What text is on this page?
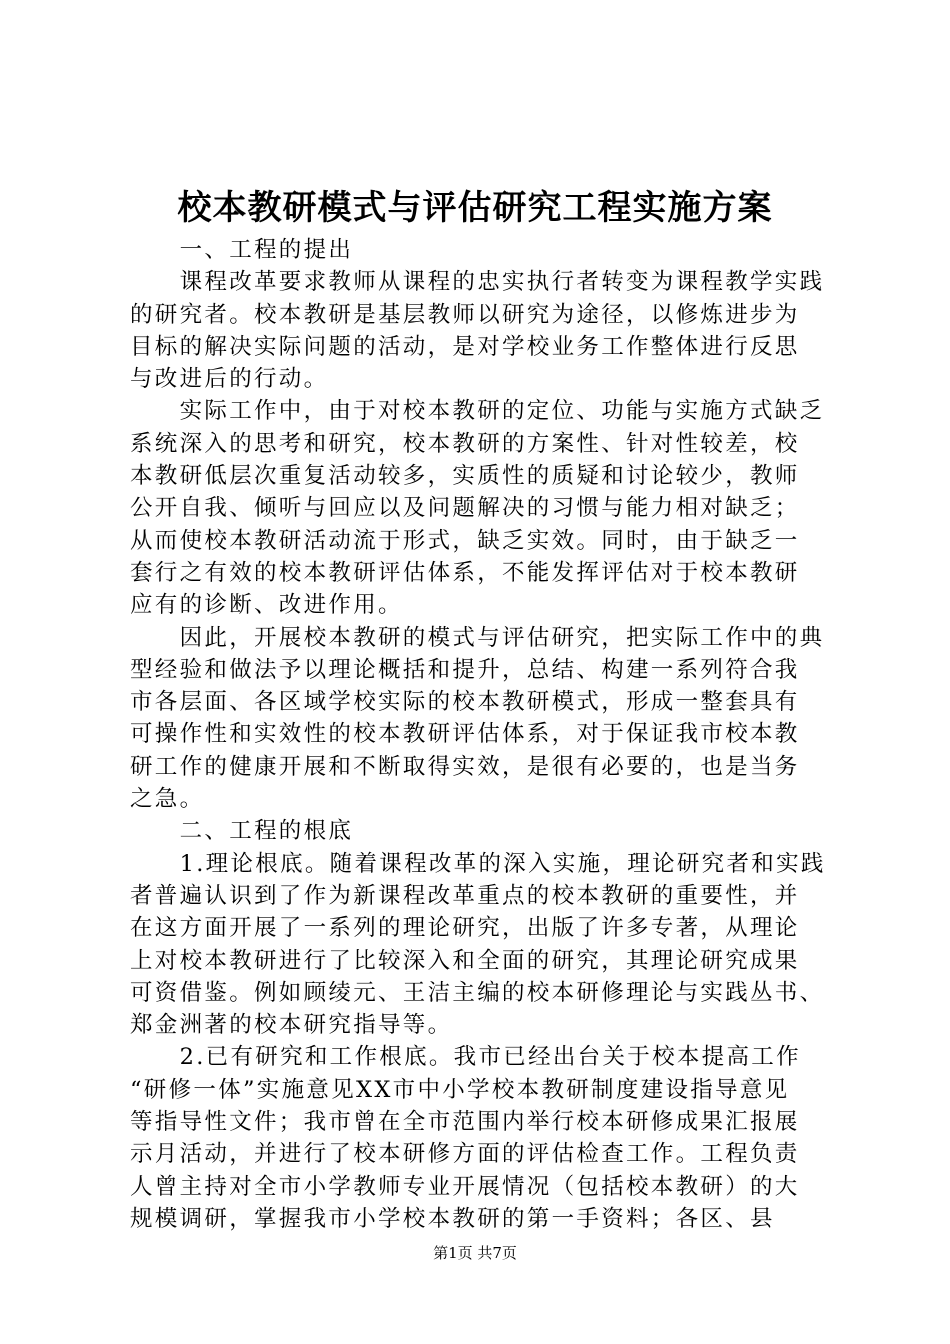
校本教研模式与评估研究工程实施方案
　　一、工程的提出
　　课程改革要求教师从课程的忠实执行者转变为课程教学实践
的研究者。校本教研是基层教师以研究为途径，以修炼进步为
目标的解决实际问题的活动，是对学校业务工作整体进行反思
与改进后的行动。
　　实际工作中，由于对校本教研的定位、功能与实施方式缺乏
系统深入的思考和研究，校本教研的方案性、针对性较差，校
本教研低层次重复活动较多，实质性的质疑和讨论较少，教师
公开自我、倾听与回应以及问题解决的习惯与能力相对缺乏；
从而使校本教研活动流于形式，缺乏实效。同时，由于缺乏一
套行之有效的校本教研评估体系，不能发挥评估对于校本教研
应有的诊断、改进作用。
　　因此，开展校本教研的模式与评估研究，把实际工作中的典
型经验和做法予以理论概括和提升，总结、构建一系列符合我
市各层面、各区域学校实际的校本教研模式，形成一整套具有
可操作性和实效性的校本教研评估体系，对于保证我市校本教
研工作的健康开展和不断取得实效，是很有必要的，也是当务
之急。
　　二、工程的根底
　　1.理论根底。随着课程改革的深入实施，理论研究者和实践
者普遍认识到了作为新课程改革重点的校本教研的重要性，并
在这方面开展了一系列的理论研究，出版了许多专著，从理论
上对校本教研进行了比较深入和全面的研究，其理论研究成果
可资借鉴。例如顾绫元、王洁主编的校本研修理论与实践丛书、
郑金洲著的校本研究指导等。
　　2.已有研究和工作根底。我市已经出台关于校本提高工作
“研修一体”实施意见XX市中小学校本教研制度建设指导意见
等指导性文件；我市曾在全市范围内举行校本研修成果汇报展
示月活动，并进行了校本研修方面的评估检查工作。工程负责
人曾主持对全市小学教师专业开展情况（包括校本教研）的大
规模调研，掌握我市小学校本教研的第一手资料；各区、县
第1页 共7页
